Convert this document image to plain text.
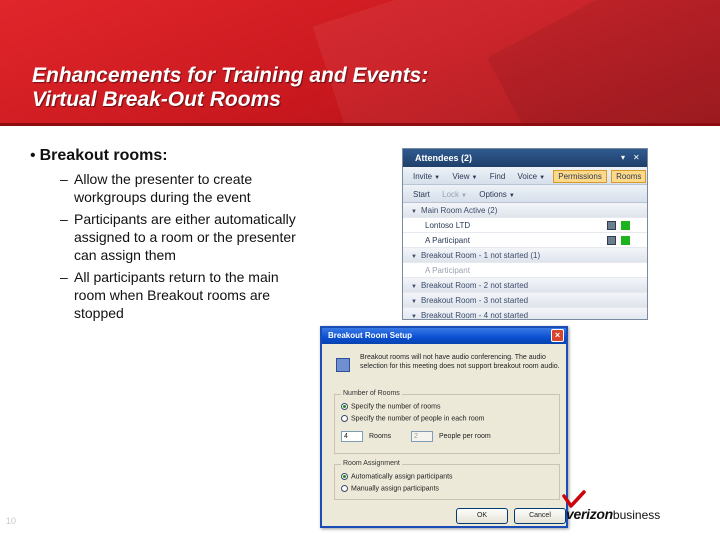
Enhancements for Training and Events:
Virtual Break-Out Rooms
• Breakout rooms:
– Allow the presenter to create workgroups during the event
– Participants are either automatically assigned to a room or the presenter can assign them
– All participants return to the main room when Breakout rooms are stopped
10
Attendees (2)	▾ ✕
Invite ▼ View ▼ Find Voice ▼ Permissions Rooms
Start Lock ▼ Options ▼
▼ Main Room Active (2)
Lontoso LTD
A Participant
▼ Breakout Room - 1 not started (1)
A Participant
▼ Breakout Room - 2 not started
▼ Breakout Room - 3 not started
▼ Breakout Room - 4 not started
Breakout Room Setup	×
Breakout rooms will not have audio conferencing. The audio selection for this meeting does not support breakout room audio.
Number of Rooms
Specify the number of rooms
Specify the number of people in each room
4	Rooms	2	People per room
Room Assignment
Automatically assign participants
Manually assign participants
OK	Cancel	verizonbusiness
